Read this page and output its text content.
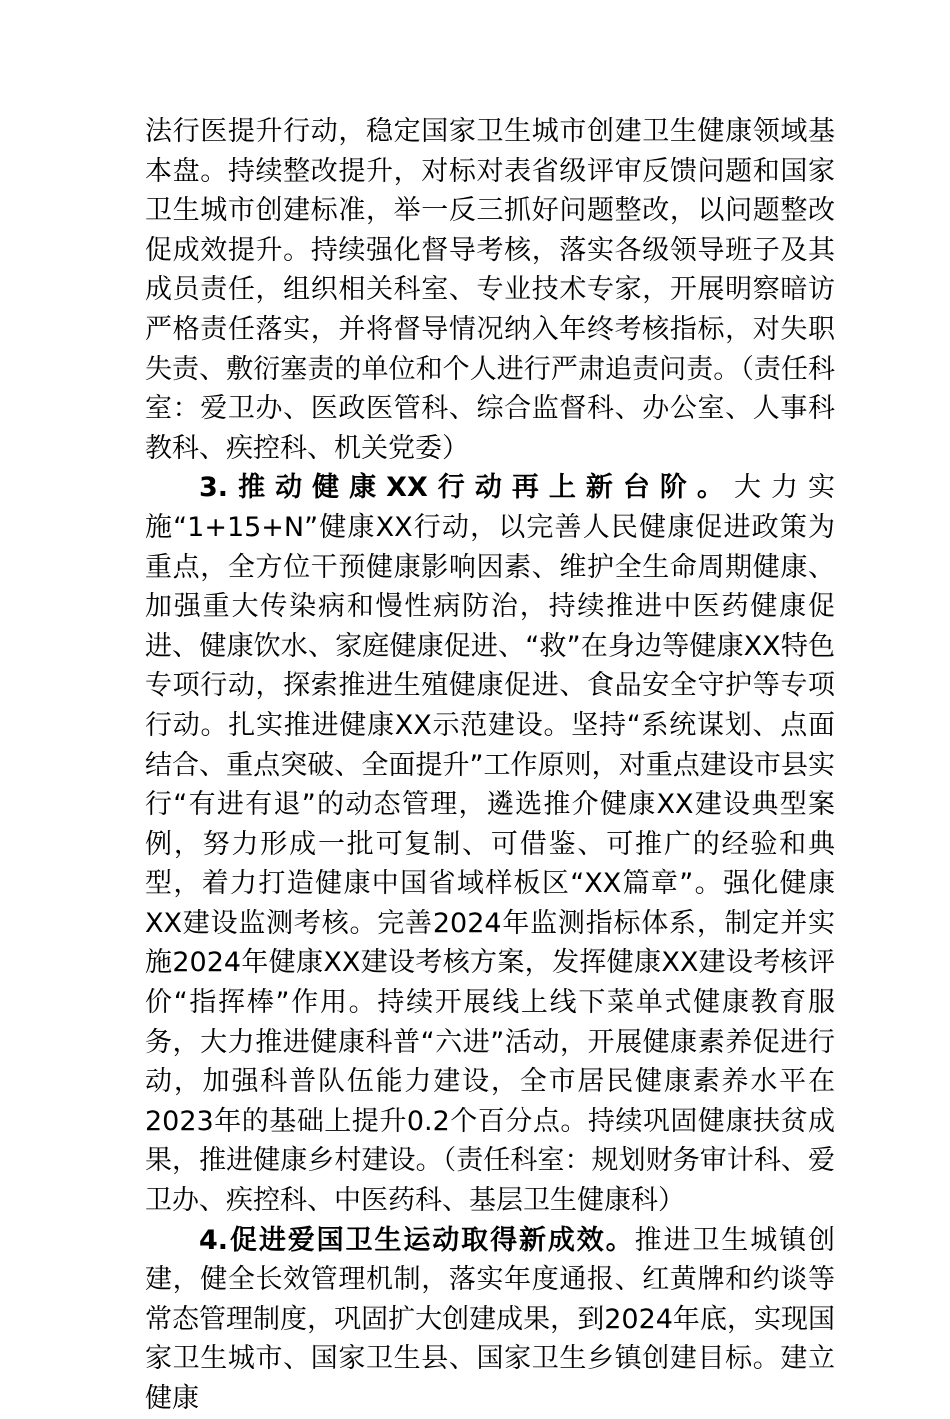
法行医提升行动，稳定国家卫生城市创建卫生健康领域基本盘。持续整改提升，对标对表省级评审反馈问题和国家卫生城市创建标准，举一反三抓好问题整改，以问题整改促成效提升。持续强化督导考核，落实各级领导班子及其成员责任，组织相关科室、专业技术专家，开展明察暗访严格责任落实，并将督导情况纳入年终考核指标，对失职失责、敷衍塞责的单位和个人进行严肃追责问责。（责任科室：爱卫办、医政医管科、综合监督科、办公室、人事科教科、疾控科、机关党委）

3.推动健康XX行动再上新台阶。大力实施“1+15+N”健康XX行动，以完善人民健康促进政策为重点，全方位干预健康影响因素、维护全生命周期健康、加强重大传染病和慢性病防治，持续推进中医药健康促进、健康饮水、家庭健康促进、“救”在身边等健康XX特色专项行动，探索推进生殖健康促进、食品安全守护等专项行动。扎实推进健康XX示范建设。坚持“系统谋划、点面结合、重点突破、全面提升”工作原则，对重点建设市县实行“有进有退”的动态管理，遴选推介健康XX建设典型案例，努力形成一批可复制、可借鉴、可推广的经验和典型，着力打造健康中国省域样板区“XX篇章”。强化健康XX建设监测考核。完善2024年监测指标体系，制定并实施2024年健康XX建设考核方案，发挥健康XX建设考核评价“指挥棒”作用。持续开展线上线下菜单式健康教育服务，大力推进健康科普“六进”活动，开展健康素养促进行动，加强科普队伍能力建设，全市居民健康素养水平在2023年的基础上提升0.2个百分点。持续巩固健康扶贫成果，推进健康乡村建设。（责任科室：规划财务审计科、爱卫办、疾控科、中医药科、基层卫生健康科）

4.促进爱国卫生运动取得新成效。推进卫生城镇创建，健全长效管理机制，落实年度通报、红黄牌和约谈等常态管理制度，巩固扩大创建成果，到2024年底，实现国家卫生城市、国家卫生县、国家卫生乡镇创建目标。建立健康
